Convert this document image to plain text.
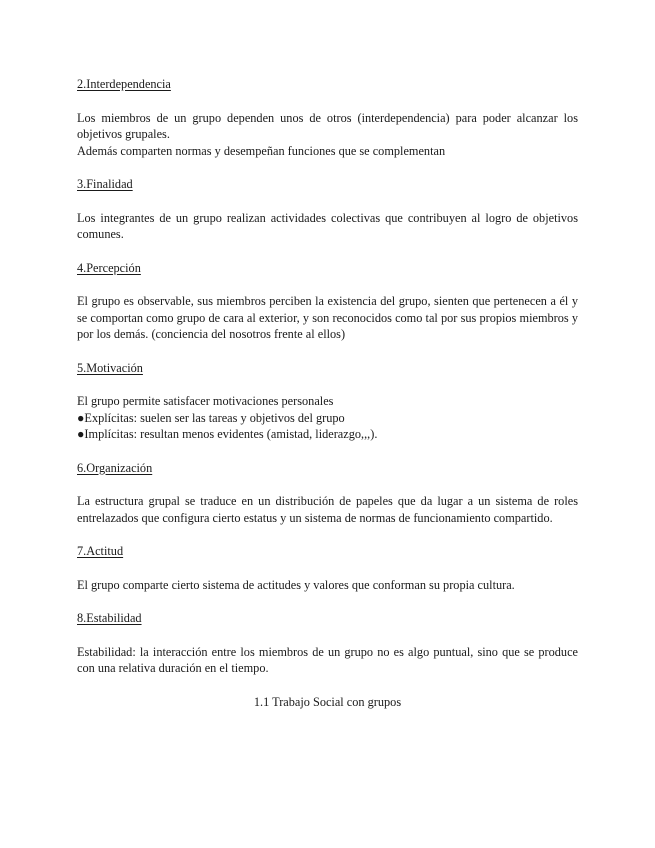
2.Interdependencia

Los miembros de un grupo dependen unos de otros (interdependencia) para poder alcanzar los objetivos grupales.

Además comparten normas y desempeñan funciones que se complementan

3.Finalidad

Los integrantes de un grupo realizan actividades colectivas que contribuyen al logro de objetivos comunes.

4.Percepción

El grupo es observable, sus miembros perciben la existencia del grupo, sienten que pertenecen a él y se comportan como grupo de cara al exterior, y son reconocidos como tal por sus propios miembros y por los demás. (conciencia del nosotros frente al ellos)

5.Motivación

El grupo permite satisfacer motivaciones personales

●Explícitas: suelen ser las tareas y objetivos del grupo

●Implícitas: resultan menos evidentes (amistad, liderazgo,,,).

6.Organización

La estructura grupal se traduce en un distribución de papeles que da lugar a un sistema de roles entrelazados que configura cierto estatus y un sistema de normas de funcionamiento compartido.

7.Actitud

El grupo comparte cierto sistema de actitudes y valores que conforman su propia cultura.

8.Estabilidad

Estabilidad: la interacción entre los miembros de un grupo no es algo puntual, sino que se produce con una relativa duración en el tiempo.

1.1 Trabajo Social con grupos
